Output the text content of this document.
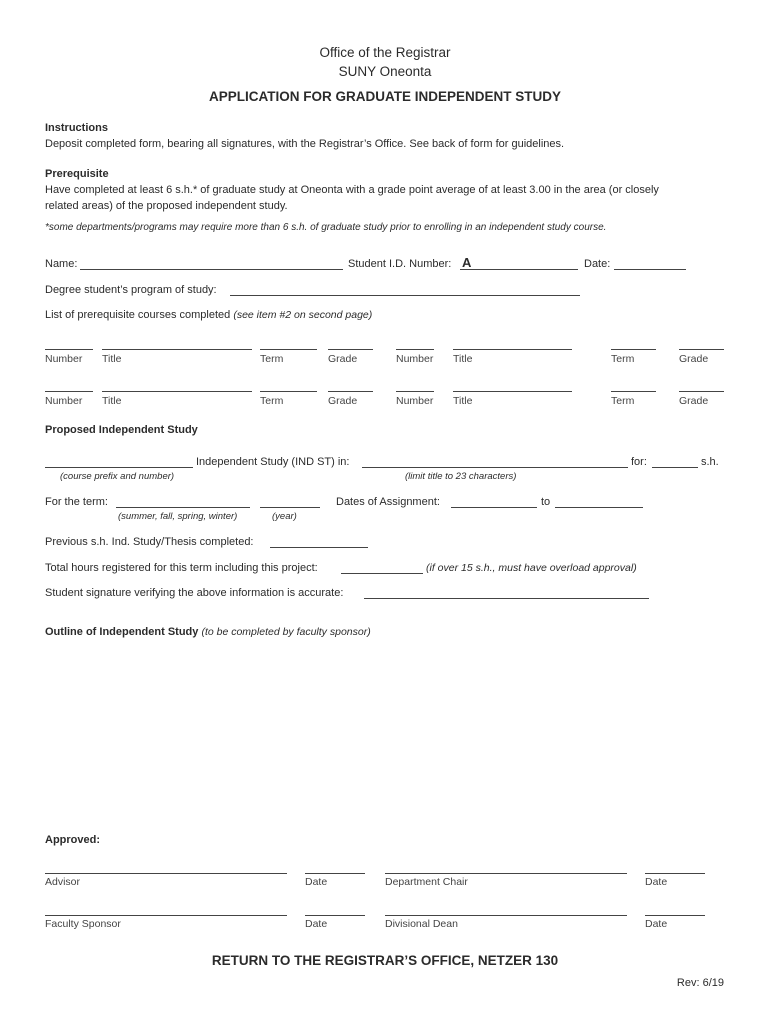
Office of the Registrar
SUNY Oneonta
APPLICATION FOR GRADUATE INDEPENDENT STUDY
Instructions
Deposit completed form, bearing all signatures, with the Registrar’s Office. See back of form for guidelines.
Prerequisite
Have completed at least 6 s.h.* of graduate study at Oneonta with a grade point average of at least 3.00 in the area (or closely
related areas) of the proposed independent study.
*some departments/programs may require more than 6 s.h. of graduate study prior to enrolling in an independent study course.
Name:	Student I.D. Number: A	Date:
Degree student’s program of study:
List of prerequisite courses completed (see item #2 on second page)
Number Title	Term	Grade	Number Title	Term	Grade
Number Title	Term	Grade	Number Title	Term	Grade
Proposed Independent Study
Independent Study (IND ST) in:	for:	s.h.
(course prefix and number)	(limit title to 23 characters)
For the term:	Dates of Assignment:	to
(summer, fall, spring, winter)	(year)
Previous s.h. Ind. Study/Thesis completed:
Total hours registered for this term including this project:	(if over 15 s.h., must have overload approval)
Student signature verifying the above information is accurate:
Outline of Independent Study (to be completed by faculty sponsor)
Approved:
Advisor	Date	Department Chair	Date
Faculty Sponsor	Date	Divisional Dean	Date
RETURN TO THE REGISTRAR’S OFFICE, NETZER 130
Rev: 6/19
